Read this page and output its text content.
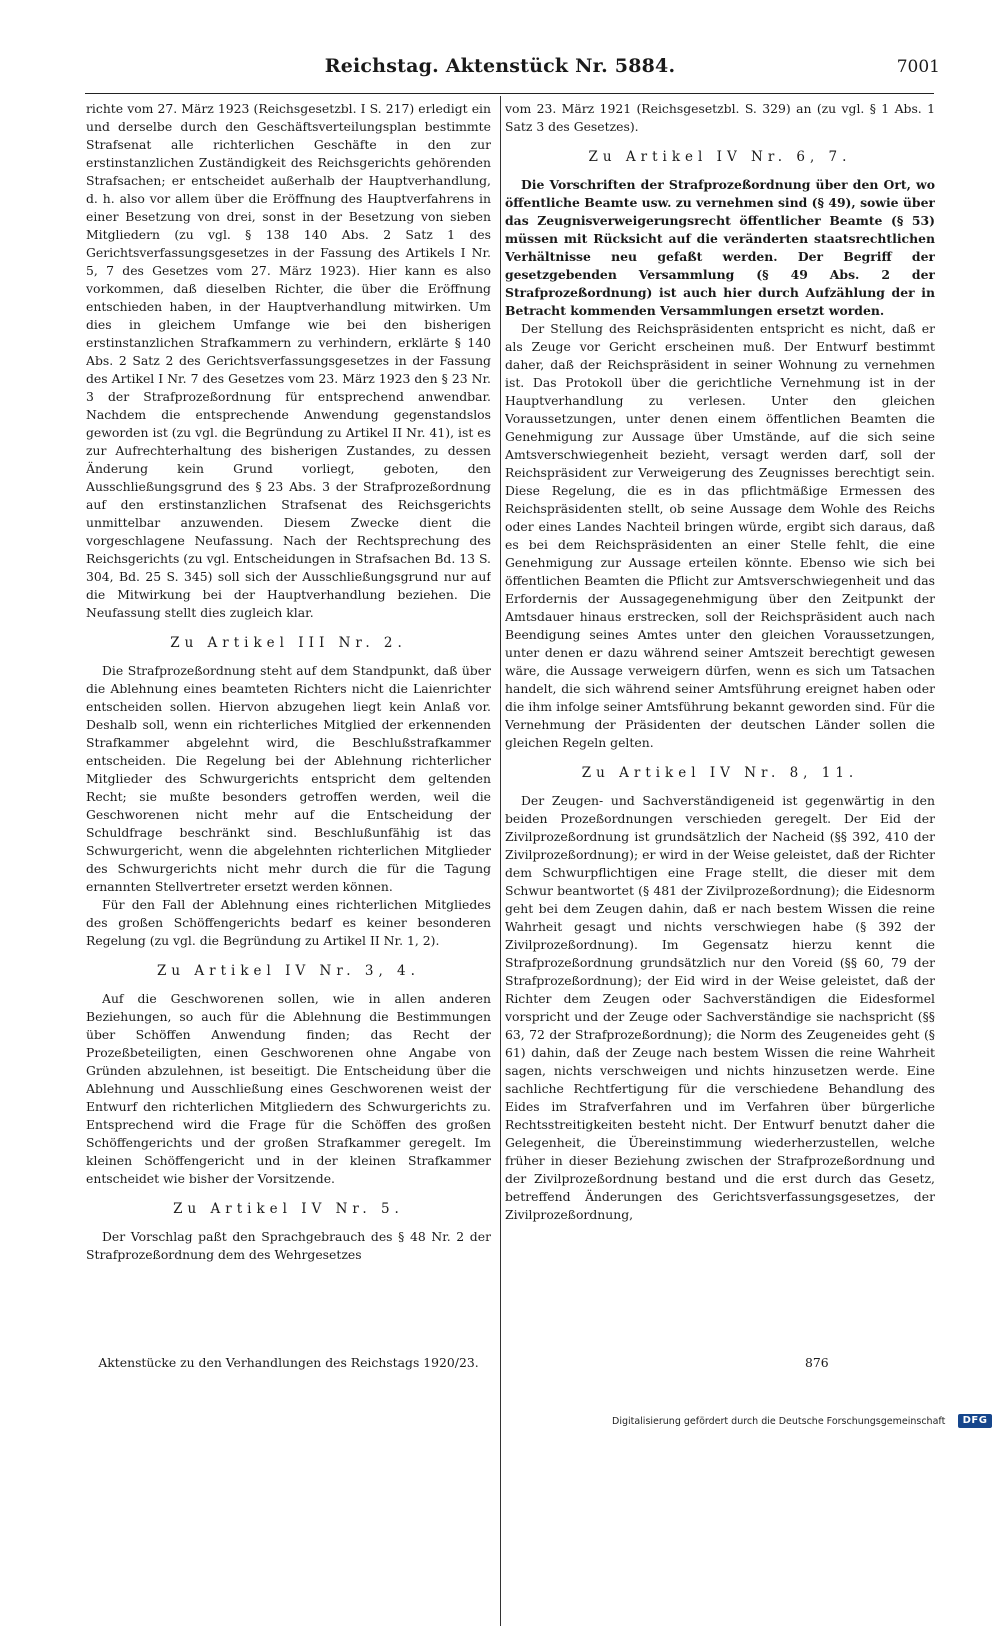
Reichstag. Aktenstück Nr. 5884.	7001

richte vom 27. März 1923 (Reichsgesetzbl. I S. 217) erledigt ein und derselbe durch den Geschäftsverteilungsplan bestimmte Strafsenat alle richterlichen Geschäfte in den zur erstinstanzlichen Zuständigkeit des Reichsgerichts gehörenden Strafsachen; er entscheidet außerhalb der Hauptverhandlung, d. h. also vor allem über die Eröffnung des Hauptverfahrens in einer Besetzung von drei, sonst in der Besetzung von sieben Mitgliedern (zu vgl. § 138 140 Abs. 2 Satz 1 des Gerichtsverfassungsgesetzes in der Fassung des Artikels I Nr. 5, 7 des Gesetzes vom 27. März 1923). Hier kann es also vorkommen, daß dieselben Richter, die über die Eröffnung entschieden haben, in der Hauptverhandlung mitwirken. Um dies in gleichem Umfange wie bei den bisherigen erstinstanzlichen Strafkammern zu verhindern, erklärte § 140 Abs. 2 Satz 2 des Gerichtsverfassungsgesetzes in der Fassung des Artikel I Nr. 7 des Gesetzes vom 23. März 1923 den § 23 Nr. 3 der Strafprozeßordnung für entsprechend anwendbar. Nachdem die entsprechende Anwendung gegenstandslos geworden ist (zu vgl. die Begründung zu Artikel II Nr. 41), ist es zur Aufrechterhaltung des bisherigen Zustandes, zu dessen Änderung kein Grund vorliegt, geboten, den Ausschließungsgrund des § 23 Abs. 3 der Strafprozeßordnung auf den erstinstanzlichen Strafsenat des Reichsgerichts unmittelbar anzuwenden. Diesem Zwecke dient die vorgeschlagene Neufassung. Nach der Rechtsprechung des Reichsgerichts (zu vgl. Entscheidungen in Strafsachen Bd. 13 S. 304, Bd. 25 S. 345) soll sich der Ausschließungsgrund nur auf die Mitwirkung bei der Hauptverhandlung beziehen. Die Neufassung stellt dies zugleich klar.

Zu Artikel III Nr. 2.

Die Strafprozeßordnung steht auf dem Standpunkt, daß über die Ablehnung eines beamteten Richters nicht die Laienrichter entscheiden sollen. Hiervon abzugehen liegt kein Anlaß vor. Deshalb soll, wenn ein richterliches Mitglied der erkennenden Strafkammer abgelehnt wird, die Beschlußstrafkammer entscheiden. Die Regelung bei der Ablehnung richterlicher Mitglieder des Schwurgerichts entspricht dem geltenden Recht; sie mußte besonders getroffen werden, weil die Geschworenen nicht mehr auf die Entscheidung der Schuldfrage beschränkt sind. Beschlußunfähig ist das Schwurgericht, wenn die abgelehnten richterlichen Mitglieder des Schwurgerichts nicht mehr durch die für die Tagung ernannten Stellvertreter ersetzt werden können.

Für den Fall der Ablehnung eines richterlichen Mitgliedes des großen Schöffengerichts bedarf es keiner besonderen Regelung (zu vgl. die Begründung zu Artikel II Nr. 1, 2).

Zu Artikel IV Nr. 3, 4.

Auf die Geschworenen sollen, wie in allen anderen Beziehungen, so auch für die Ablehnung die Bestimmungen über Schöffen Anwendung finden; das Recht der Prozeßbeteiligten, einen Geschworenen ohne Angabe von Gründen abzulehnen, ist beseitigt. Die Entscheidung über die Ablehnung und Ausschließung eines Geschworenen weist der Entwurf den richterlichen Mitgliedern des Schwurgerichts zu. Entsprechend wird die Frage für die Schöffen des großen Schöffengerichts und der großen Strafkammer geregelt. Im kleinen Schöffengericht und in der kleinen Strafkammer entscheidet wie bisher der Vorsitzende.

Zu Artikel IV Nr. 5.

Der Vorschlag paßt den Sprachgebrauch des § 48 Nr. 2 der Strafprozeßordnung dem des Wehrgesetzes

vom 23. März 1921 (Reichsgesetzbl. S. 329) an (zu vgl. § 1 Abs. 1 Satz 3 des Gesetzes).

Zu Artikel IV Nr. 6, 7.

Die Vorschriften der Strafprozeßordnung über den Ort, wo öffentliche Beamte usw. zu vernehmen sind (§ 49), sowie über das Zeugnisverweigerungsrecht öffentlicher Beamte (§ 53) müssen mit Rücksicht auf die veränderten staatsrechtlichen Verhältnisse neu gefaßt werden. Der Begriff der gesetzgebenden Versammlung (§ 49 Abs. 2 der Strafprozeßordnung) ist auch hier durch Aufzählung der in Betracht kommenden Versammlungen ersetzt worden.

Der Stellung des Reichspräsidenten entspricht es nicht, daß er als Zeuge vor Gericht erscheinen muß. Der Entwurf bestimmt daher, daß der Reichspräsident in seiner Wohnung zu vernehmen ist. Das Protokoll über die gerichtliche Vernehmung ist in der Hauptverhandlung zu verlesen. Unter den gleichen Voraussetzungen, unter denen einem öffentlichen Beamten die Genehmigung zur Aussage über Umstände, auf die sich seine Amtsverschwiegenheit bezieht, versagt werden darf, soll der Reichspräsident zur Verweigerung des Zeugnisses berechtigt sein. Diese Regelung, die es in das pflichtmäßige Ermessen des Reichspräsidenten stellt, ob seine Aussage dem Wohle des Reichs oder eines Landes Nachteil bringen würde, ergibt sich daraus, daß es bei dem Reichspräsidenten an einer Stelle fehlt, die eine Genehmigung zur Aussage erteilen könnte. Ebenso wie sich bei öffentlichen Beamten die Pflicht zur Amtsverschwiegenheit und das Erfordernis der Aussagegenehmigung über den Zeitpunkt der Amtsdauer hinaus erstrecken, soll der Reichspräsident auch nach Beendigung seines Amtes unter den gleichen Voraussetzungen, unter denen er dazu während seiner Amtszeit berechtigt gewesen wäre, die Aussage verweigern dürfen, wenn es sich um Tatsachen handelt, die sich während seiner Amtsführung ereignet haben oder die ihm infolge seiner Amtsführung bekannt geworden sind. Für die Vernehmung der Präsidenten der deutschen Länder sollen die gleichen Regeln gelten.

Zu Artikel IV Nr. 8, 11.

Der Zeugen- und Sachverständigeneid ist gegenwärtig in den beiden Prozeßordnungen verschieden geregelt. Der Eid der Zivilprozeßordnung ist grundsätzlich der Nacheid (§§ 392, 410 der Zivilprozeßordnung); er wird in der Weise geleistet, daß der Richter dem Schwurpflichtigen eine Frage stellt, die dieser mit dem Schwur beantwortet (§ 481 der Zivilprozeßordnung); die Eidesnorm geht bei dem Zeugen dahin, daß er nach bestem Wissen die reine Wahrheit gesagt und nichts verschwiegen habe (§ 392 der Zivilprozeßordnung). Im Gegensatz hierzu kennt die Strafprozeßordnung grundsätzlich nur den Voreid (§§ 60, 79 der Strafprozeßordnung); der Eid wird in der Weise geleistet, daß der Richter dem Zeugen oder Sachverständigen die Eidesformel vorspricht und der Zeuge oder Sachverständige sie nachspricht (§§ 63, 72 der Strafprozeßordnung); die Norm des Zeugeneides geht (§ 61) dahin, daß der Zeuge nach bestem Wissen die reine Wahrheit sagen, nichts verschweigen und nichts hinzusetzen werde. Eine sachliche Rechtfertigung für die verschiedene Behandlung des Eides im Strafverfahren und im Verfahren über bürgerliche Rechtsstreitigkeiten besteht nicht. Der Entwurf benutzt daher die Gelegenheit, die Übereinstimmung wiederherzustellen, welche früher in dieser Beziehung zwischen der Strafprozeßordnung und der Zivilprozeßordnung bestand und die erst durch das Gesetz, betreffend Änderungen des Gerichtsverfassungsgesetzes, der Zivilprozeßordnung,

Aktenstücke zu den Verhandlungen des Reichstags 1920/23.	876
Digitalisierung gefördert durch die Deutsche Forschungsgemeinschaft	DFG
